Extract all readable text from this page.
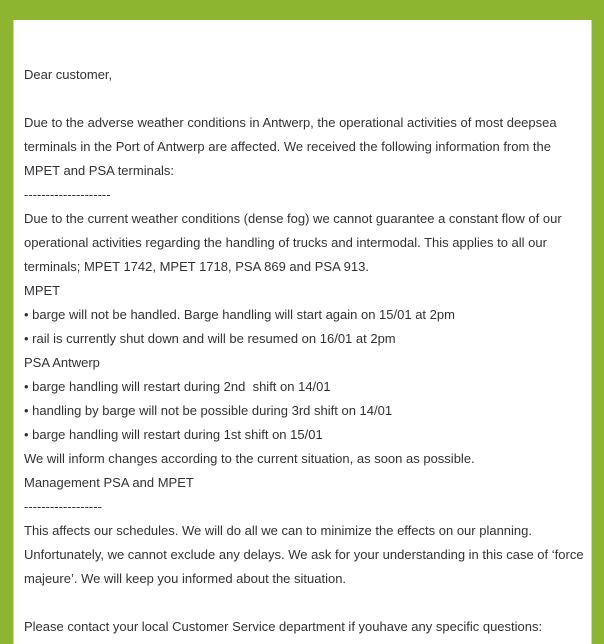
Dear customer,

Due to the adverse weather conditions in Antwerp, the operational activities of most deepsea terminals in the Port of Antwerp are affected. We received the following information from the MPET and PSA terminals:

--------------------

Due to the current weather conditions (dense fog) we cannot guarantee a constant flow of our operational activities regarding the handling of trucks and intermodal. This applies to all our terminals; MPET 1742, MPET 1718, PSA 869 and PSA 913.

MPET

• barge will not be handled. Barge handling will start again on 15/01 at 2pm

• rail is currently shut down and will be resumed on 16/01 at 2pm

PSA Antwerp

• barge handling will restart during 2nd  shift on 14/01

• handling by barge will not be possible during 3rd shift on 14/01

• barge handling will restart during 1st shift on 15/01

We will inform changes according to the current situation, as soon as possible.

Management PSA and MPET

------------------

This affects our schedules. We will do all we can to minimize the effects on our planning. Unfortunately, we cannot exclude any delays. We ask for your understanding in this case of ‘force majeure’. We will keep you informed about the situation.

Please contact your local Customer Service department if youhave any specific questions:
